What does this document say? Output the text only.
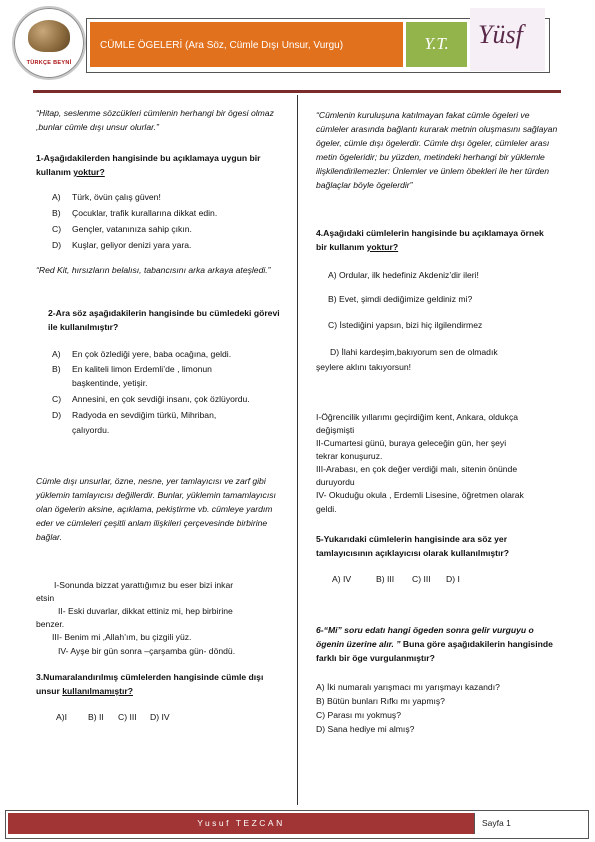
TÜRKÇE BEYNİ
CÜMLE ÖGELERİ (Ara Söz, Cümle Dışı Unsur, Vurgu)	Y.T.	Yüsf
“Hitap, seslenme sözcükleri cümlenin herhangi bir ögesi olmaz ,bunlar cümle dışı unsur olurlar.”
1-Aşağıdakilerden hangisinde bu açıklamaya uygun bir kullanım yoktur?
A) Türk, övün çalış güven!
B) Çocuklar, trafik kurallarına dikkat edin.
C) Gençler, vatanınıza sahip çıkın.
D) Kuşlar, geliyor denizi yara yara.
“Red Kit, hırsızların belalısı, tabancısını arka arkaya ateşledi.”
2-Ara söz aşağıdakilerin hangisinde bu cümledeki görevi ile kullanılmıştır?
A) En çok özlediği yere, baba ocağına, geldi.
B) En kaliteli limon Erdemli’de , limonun
başkentinde, yetişir.
C) Annesini, en çok sevdiği insanı, çok özlüyordu.
D) Radyoda en sevdiğim türkü, Mihriban,
çalıyordu.
Cümle dışı unsurlar, özne, nesne, yer tamlayıcısı ve zarf gibi yüklemin tamlayıcısı değillerdir. Bunlar, yüklemin tamamlayıcısı olan ögelerin aksine, açıklama, pekiştirme vb. cümleye yardım eder ve cümleleri çeşitli anlam ilişkileri çerçevesinde birbirine bağlar.
I-Sonunda bizzat yarattığımız bu eser bizi inkar
etsin
II- Eski duvarlar, dikkat ettiniz mi, hep birbirine
benzer.
III- Benim mi ,Allah’ım, bu çizgili yüz.
IV- Ayşe bir gün sonra –çarşamba gün- döndü.
3.Numaralandırılmış cümlelerden hangisinde cümle dışı unsur kullanılmamıştır?
A)I B) II C) III D) IV
“Cümlenin kuruluşuna katılmayan fakat cümle ögeleri ve cümleler arasında bağlantı kurarak metnin oluşmasını sağlayan ögeler, cümle dışı ögelerdir. Cümle dışı ögeler, cümleler arası metin ögeleridir; bu yüzden, metindeki herhangi bir yüklemle ilişkilendirilemezler: Ünlemler ve ünlem öbekleri ile her türden bağlaçlar böyle ögelerdir”
4.Aşağıdaki cümlelerin hangisinde bu açıklamaya örnek bir kullanım yoktur?
A) Ordular, ilk hedefiniz Akdeniz’dir ileri!
B) Evet, şimdi dediğimize geldiniz mi?
C) İstediğini yapsın, bizi hiç ilgilendirmez
D) İlahi kardeşim,bakıyorum sen de olmadık
şeylere aklını takıyorsun!
I-Öğrencilik yıllarımı geçirdiğim kent, Ankara, oldukça
değişmişti
II-Cumartesi günü, buraya geleceğin gün, her şeyi
tekrar konuşuruz.
III-Arabası, en çok değer verdiği malı, sitenin önünde
duruyordu
IV- Okuduğu okula , Erdemli Lisesine, öğretmen olarak
geldi.
5-Yukarıdaki cümlelerin hangisinde ara söz yer tamlayıcısının açıklayıcısı olarak kullanılmıştır?
A) IV	B) III C) III D) I
6-“Mi” soru edatı hangi ögeden sonra gelir vurguyu o ögenin üzerine alır. ” Buna göre aşağıdakilerin hangisinde farklı bir öge vurgulanmıştır?
A) İki numaralı yarışmacı mı yarışmayı kazandı?
B) Bütün bunları Rıfkı mı yapmış?
C) Parası mı yokmuş?
D) Sana hediye mi almış?
Yusuf TEZCAN	Sayfa 1
